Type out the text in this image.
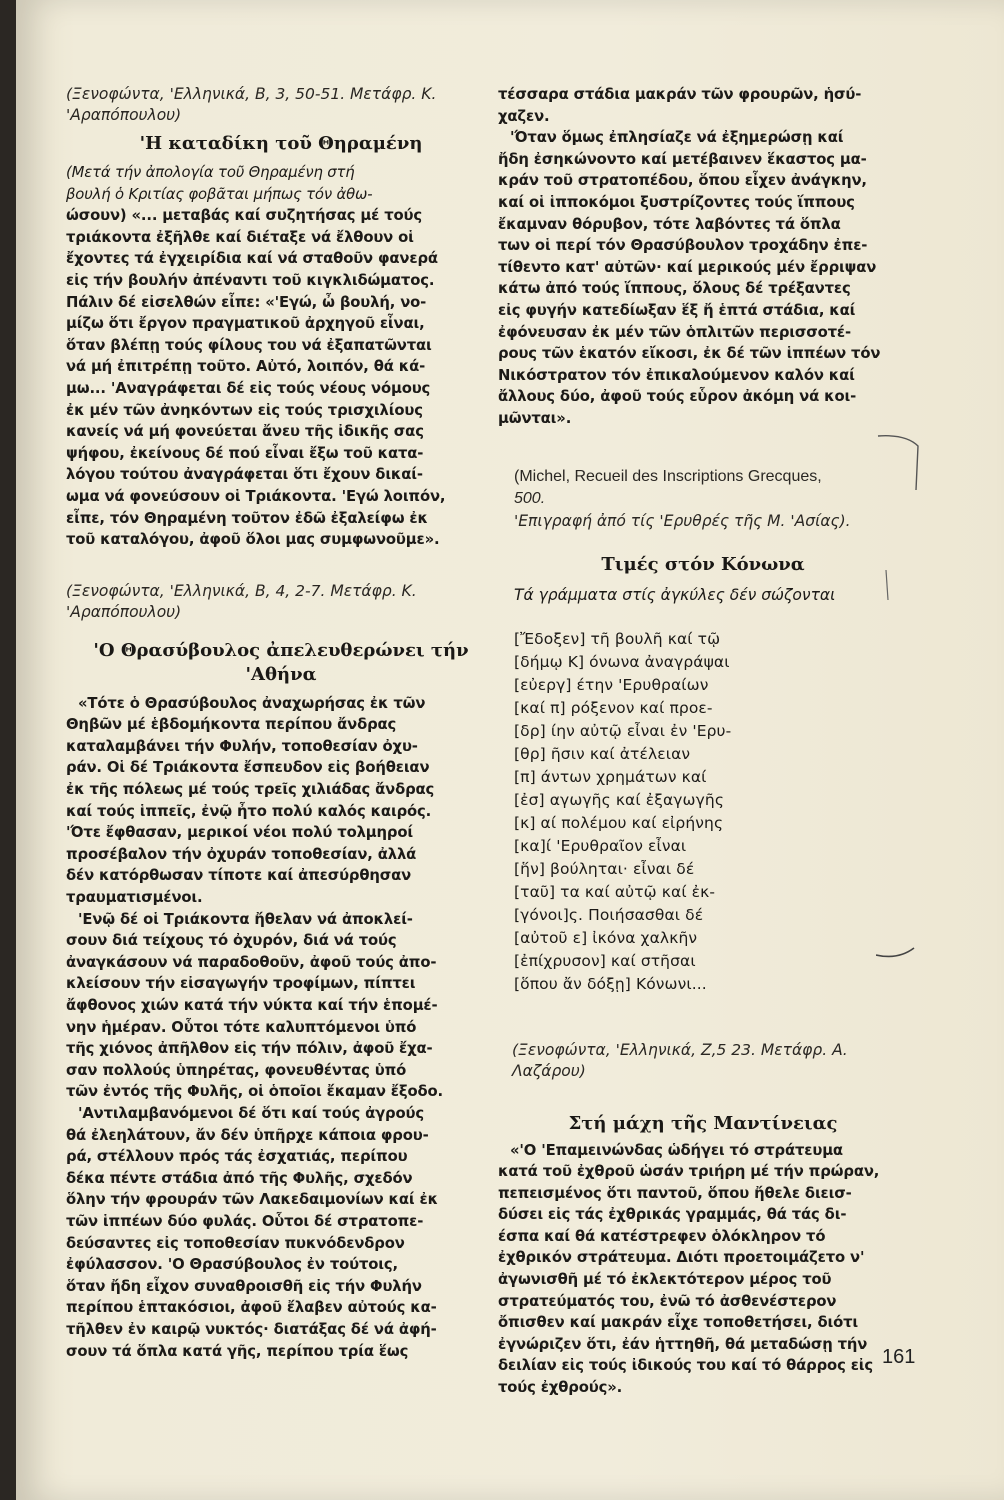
(Ξενοφώντα, 'Ελληνικά, Β, 3, 50-51. Μετάφρ. Κ.
'Αραπόπουλου)

'Η καταδίκη τοῦ Θηραμένη

(Μετά τήν ἀπολογία τοῦ Θηραμένη στή
βουλή ὁ Κριτίας φοβᾶται μήπως τόν ἀθω-
ώσουν) «... μεταβάς καί συζητήσας μέ τούς
τριάκοντα ἐξῆλθε καί διέταξε νά ἔλθουν οἱ
ἔχοντες τά ἐγχειρίδια καί νά σταθοῦν φανερά
εἰς τήν βουλήν ἀπέναντι τοῦ κιγκλιδώματος.
Πάλιν δέ εἰσελθών εἶπε: «'Εγώ, ὦ βουλή, νο-
μίζω ὅτι ἔργον πραγματικοῦ ἀρχηγοῦ εἶναι,
ὅταν βλέπῃ τούς φίλους του νά ἐξαπατῶνται
νά μή ἐπιτρέπῃ τοῦτο. Αὐτό, λοιπόν, θά κά-
μω... 'Αναγράφεται δέ εἰς τούς νέους νόμους
ἐκ μέν τῶν ἀνηκόντων εἰς τούς τρισχιλίους
κανείς νά μή φονεύεται ἄνευ τῆς ἰδικῆς σας
ψήφου, ἐκείνους δέ πού εἶναι ἔξω τοῦ κατα-
λόγου τούτου ἀναγράφεται ὅτι ἔχουν δικαί-
ωμα νά φονεύσουν οἱ Τριάκοντα. 'Εγώ λοιπόν,
εἶπε, τόν Θηραμένη τοῦτον ἐδῶ ἐξαλείφω ἐκ
τοῦ καταλόγου, ἀφοῦ ὅλοι μας συμφωνοῦμε».

(Ξενοφώντα, 'Ελληνικά, Β, 4, 2-7. Μετάφρ. Κ.
'Αραπόπουλου)

'Ο Θρασύβουλος ἀπελευθερώνει τήν
'Αθήνα

«Τότε ὁ Θρασύβουλος ἀναχωρήσας ἐκ τῶν
Θηβῶν μέ ἑβδομήκοντα περίπου ἄνδρας
καταλαμβάνει τήν Φυλήν, τοποθεσίαν ὀχυ-
ράν. Οἱ δέ Τριάκοντα ἔσπευδον εἰς βοήθειαν
ἐκ τῆς πόλεως μέ τούς τρεῖς χιλιάδας ἄνδρας
καί τούς ἱππεῖς, ἐνῷ ἦτο πολύ καλός καιρός.
'Ότε ἔφθασαν, μερικοί νέοι πολύ τολμηροί
προσέβαλον τήν ὀχυράν τοποθεσίαν, ἀλλά
δέν κατόρθωσαν τίποτε καί ἀπεσύρθησαν
τραυματισμένοι.

'Ενῷ δέ οἱ Τριάκοντα ἤθελαν νά ἀποκλεί-
σουν διά τείχους τό ὀχυρόν, διά νά τούς
ἀναγκάσουν νά παραδοθοῦν, ἀφοῦ τούς ἀπο-
κλείσουν τήν εἰσαγωγήν τροφίμων, πίπτει
ἄφθονος χιών κατά τήν νύκτα καί τήν ἑπομέ-
νην ἡμέραν. Οὗτοι τότε καλυπτόμενοι ὑπό
τῆς χιόνος ἀπῆλθον εἰς τήν πόλιν, ἀφοῦ ἔχα-
σαν πολλούς ὑπηρέτας, φονευθέντας ὑπό
τῶν ἐντός τῆς Φυλῆς, οἱ ὁποῖοι ἔκαμαν ἔξοδο.

'Αντιλαμβανόμενοι δέ ὅτι καί τούς ἀγρούς
θά ἐλεηλάτουν, ἄν δέν ὑπῆρχε κάποια φρου-
ρά, στέλλουν πρός τάς ἐσχατιάς, περίπου
δέκα πέντε στάδια ἀπό τῆς Φυλῆς, σχεδόν
ὅλην τήν φρουράν τῶν Λακεδαιμονίων καί ἐκ
τῶν ἱππέων δύο φυλάς. Οὗτοι δέ στρατοπε-
δεύσαντες εἰς τοποθεσίαν πυκνόδενδρον
ἐφύλασσον. 'Ο Θρασύβουλος ἐν τούτοις,
ὅταν ἤδη εἶχον συναθροισθῆ εἰς τήν Φυλήν
περίπου ἑπτακόσιοι, ἀφοῦ ἔλαβεν αὐτούς κα-
τῆλθεν ἐν καιρῷ νυκτός· διατάξας δέ νά ἀφή-
σουν τά ὅπλα κατά γῆς, περίπου τρία ἕως

τέσσαρα στάδια μακράν τῶν φρουρῶν, ἡσύ-
χαζεν.

'Όταν ὅμως ἐπλησίαζε νά ἐξημερώσῃ καί
ἤδη ἐσηκώνοντο καί μετέβαινεν ἕκαστος μα-
κράν τοῦ στρατοπέδου, ὅπου εἶχεν ἀνάγκην,
καί οἱ ἱπποκόμοι ξυστρίζοντες τούς ἵππους
ἔκαμναν θόρυβον, τότε λαβόντες τά ὅπλα
των οἱ περί τόν Θρασύβουλον τροχάδην ἐπε-
τίθεντο κατ' αὐτῶν· καί μερικούς μέν ἔρριψαν
κάτω ἀπό τούς ἵππους, ὅλους δέ τρέξαντες
εἰς φυγήν κατεδίωξαν ἕξ ἤ ἑπτά στάδια, καί
ἐφόνευσαν ἐκ μέν τῶν ὁπλιτῶν περισσοτέ-
ρους τῶν ἑκατόν εἴκοσι, ἐκ δέ τῶν ἱππέων τόν
Νικόστρατον τόν ἐπικαλούμενον καλόν καί
ἄλλους δύο, ἀφοῦ τούς εὗρον ἀκόμη νά κοι-
μῶνται».

(Michel, Recueil des Inscriptions Grecques,
500.
'Επιγραφή ἀπό τίς 'Ερυθρές τῆς Μ. 'Ασίας).

Τιμές στόν Κόνωνα

Τά γράμματα στίς ἀγκύλες δέν σώζονται

[Ἔδοξεν] τῆ βουλῆ καί τῷ
[δήμῳ Κ] όνωνα ἀναγράψαι
[εὐεργ] έτην 'Ερυθραίων
[καί π] ρόξενον καί προε-
[δρ] ίην αὐτῷ εἶναι ἐν 'Ερυ-
[θρ] ῆσιν καί ἀτέλειαν
[π] άντων χρημάτων καί
[ἐσ] αγωγῆς καί ἐξαγωγῆς
[κ] αί πολέμου καί εἰρήνης
[κα]ί 'Ερυθραῖον εἶναι
[ἥν] βούληται· εἶναι δέ
[ταῦ] τα καί αὐτῷ καί ἐκ-
[γόνοι]ς. Ποιήσασθαι δέ
[αὐτοῦ ε] ἰκόνα χαλκῆν
[ἐπίχρυσον] καί στῆσαι
[ὅπου ἄν δόξῃ] Κόνωνι...

(Ξενοφώντα, 'Ελληνικά, Ζ,5 23. Μετάφρ. Α.
Λαζάρου)

Στή μάχη τῆς Μαντίνειας

«'Ο 'Επαμεινώνδας ὡδήγει τό στράτευμα
κατά τοῦ ἐχθροῦ ὡσάν τριήρη μέ τήν πρώραν,
πεπεισμένος ὅτι παντοῦ, ὅπου ἤθελε διεισ-
δύσει εἰς τάς ἐχθρικάς γραμμάς, θά τάς δι-
έσπα καί θά κατέστρεφεν ὁλόκληρον τό
ἐχθρικόν στράτευμα. Διότι προετοιμάζετο ν'
ἀγωνισθῆ μέ τό ἐκλεκτότερον μέρος τοῦ
στρατεύματός του, ἐνῶ τό ἀσθενέστερον
ὄπισθεν καί μακράν εἶχε τοποθετήσει, διότι
ἐγνώριζεν ὅτι, ἐάν ἡττηθῆ, θά μεταδώσῃ τήν
δειλίαν εἰς τούς ἰδικούς του καί τό θάρρος εἰς
τούς ἐχθρούς».

161
